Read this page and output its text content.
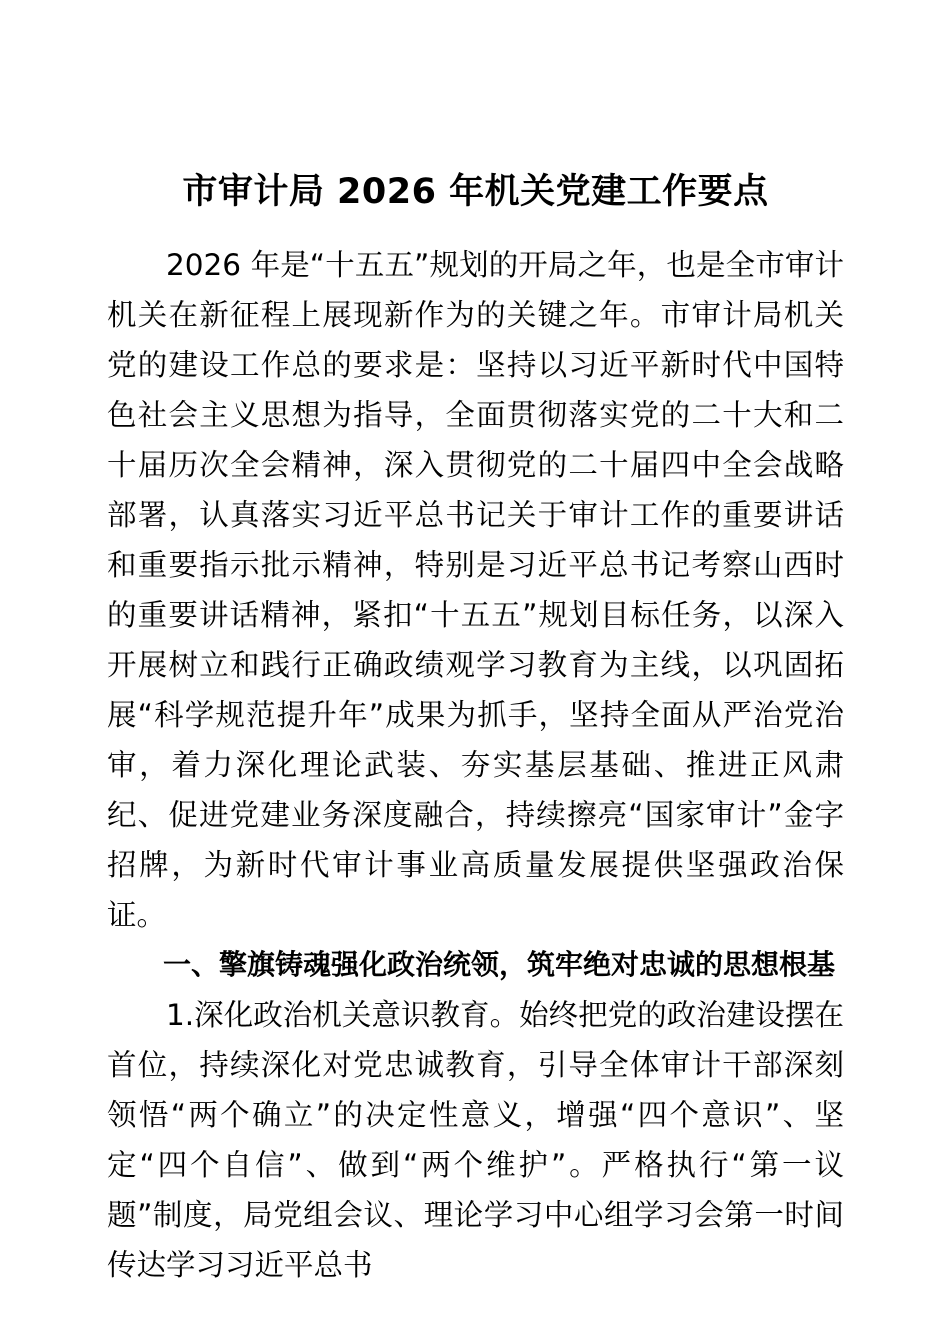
市审计局 2026 年机关党建工作要点

2026 年是“十五五”规划的开局之年，也是全市审计机关在新征程上展现新作为的关键之年。市审计局机关党的建设工作总的要求是：坚持以习近平新时代中国特色社会主义思想为指导，全面贯彻落实党的二十大和二十届历次全会精神，深入贯彻党的二十届四中全会战略部署，认真落实习近平总书记关于审计工作的重要讲话和重要指示批示精神，特别是习近平总书记考察山西时的重要讲话精神，紧扣“十五五”规划目标任务，以深入开展树立和践行正确政绩观学习教育为主线，以巩固拓展“科学规范提升年”成果为抓手，坚持全面从严治党治审，着力深化理论武装、夯实基层基础、推进正风肃纪、促进党建业务深度融合，持续擦亮“国家审计”金字招牌，为新时代审计事业高质量发展提供坚强政治保证。

一、擎旗铸魂强化政治统领，筑牢绝对忠诚的思想根基

1.深化政治机关意识教育。始终把党的政治建设摆在首位，持续深化对党忠诚教育，引导全体审计干部深刻领悟“两个确立”的决定性意义，增强“四个意识”、坚定“四个自信”、做到“两个维护”。严格执行“第一议题”制度，局党组会议、理论学习中心组学习会第一时间传达学习习近平总书
